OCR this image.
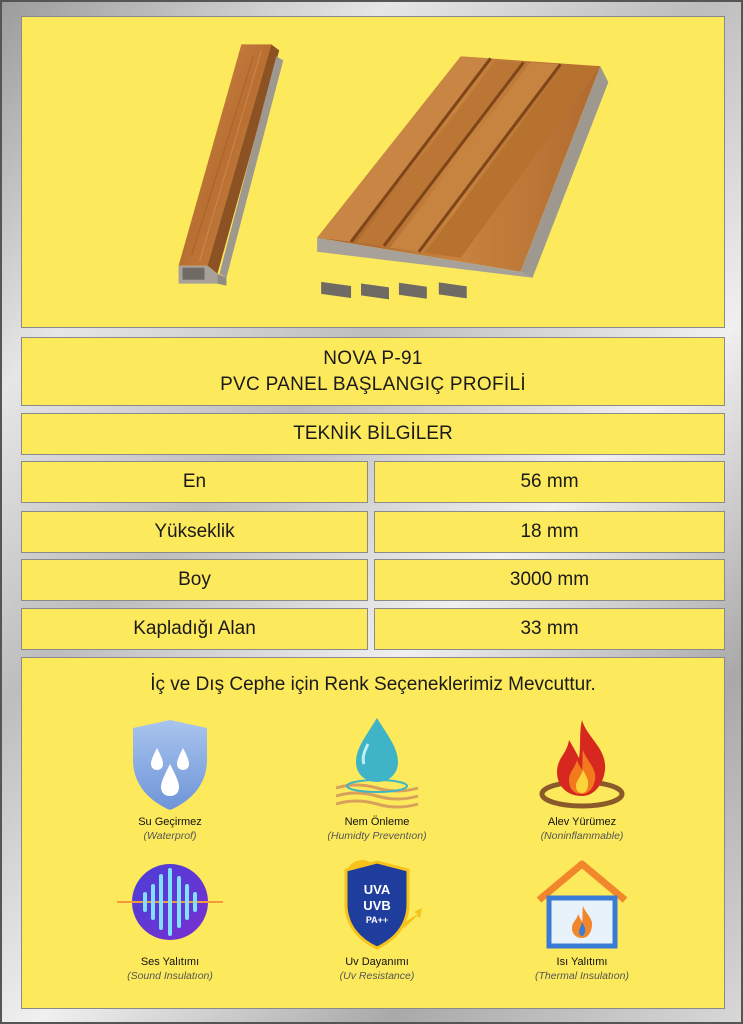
NOVA P-91
PVC PANEL BAŞLANGIÇ PROFİLİ
TEKNİK BİLGİLER
En	56 mm
Yükseklik	18 mm
Boy	3000 mm
Kapladığı Alan	33 mm
İç ve Dış Cephe için Renk Seçeneklerimiz Mevcuttur.
Su Geçirmez
(Waterprof)
Nem Önleme
(Humidty Preventıon)
Alev Yürümez
(Noninflammable)
Ses Yalıtımı
(Sound Insulatıon)
UVA
UVB
PA++
Uv Dayanımı
(Uv Resistance)
Isı Yalıtımı
(Thermal Insulatıon)
